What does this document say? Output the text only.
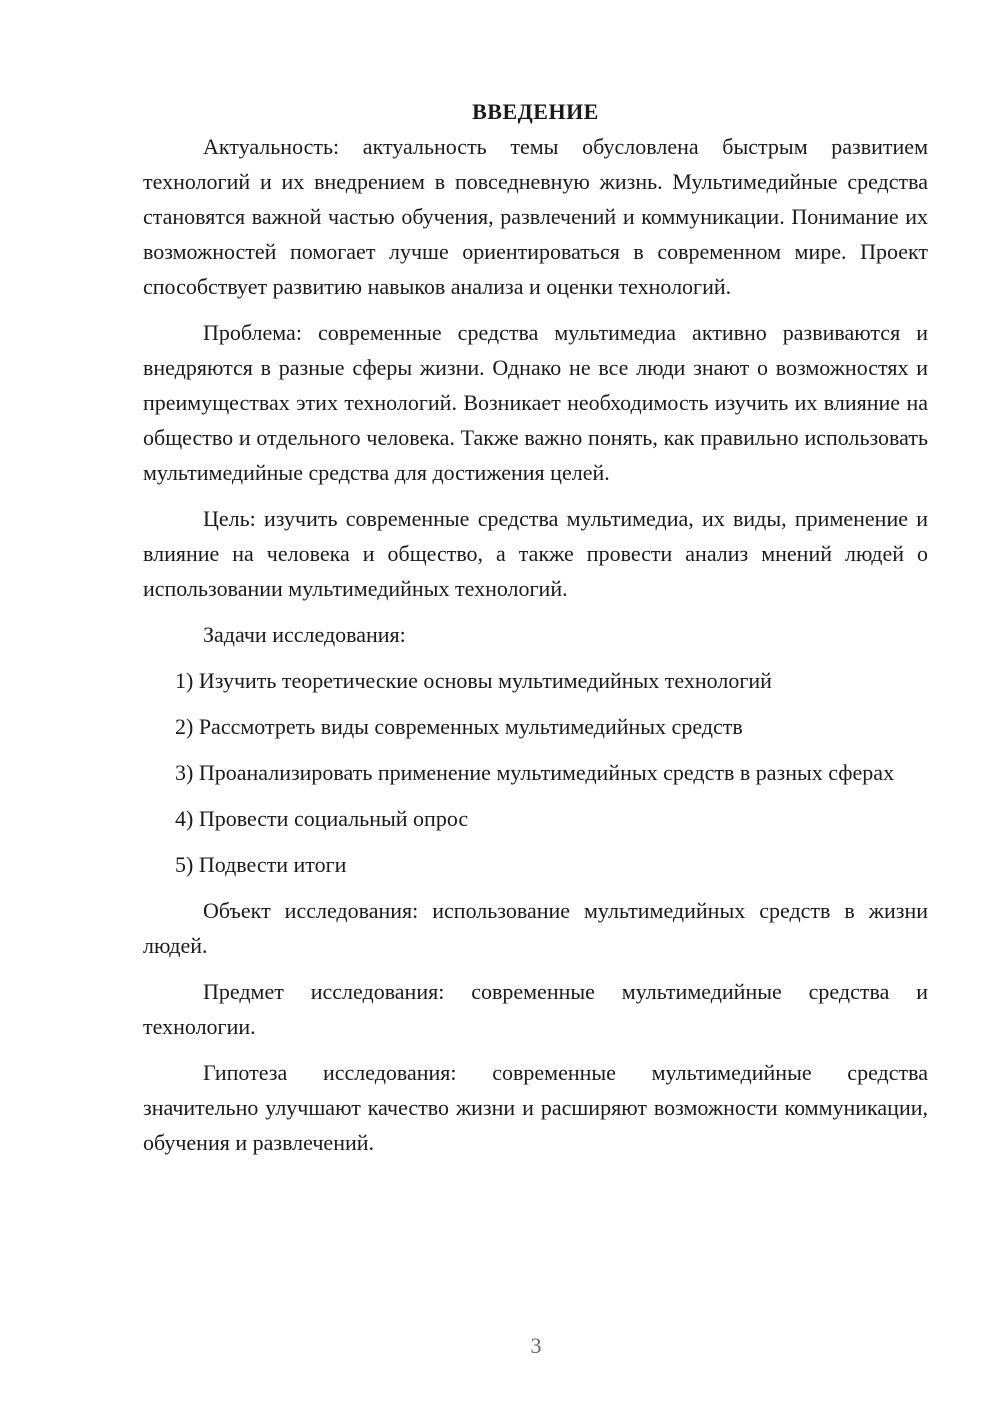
ВВЕДЕНИЕ

Актуальность: актуальность темы обусловлена быстрым развитием технологий и их внедрением в повседневную жизнь. Мультимедийные средства становятся важной частью обучения, развлечений и коммуникации. Понимание их возможностей помогает лучше ориентироваться в современном мире. Проект способствует развитию навыков анализа и оценки технологий.

Проблема: современные средства мультимедиа активно развиваются и внедряются в разные сферы жизни. Однако не все люди знают о возможностях и преимуществах этих технологий. Возникает необходимость изучить их влияние на общество и отдельного человека. Также важно понять, как правильно использовать мультимедийные средства для достижения целей.

Цель: изучить современные средства мультимедиа, их виды, применение и влияние на человека и общество, а также провести анализ мнений людей о использовании мультимедийных технологий.

Задачи исследования:

1) Изучить теоретические основы мультимедийных технологий

2) Рассмотреть виды современных мультимедийных средств

3) Проанализировать применение мультимедийных средств в разных сферах

4) Провести социальный опрос

5) Подвести итоги

Объект исследования: использование мультимедийных средств в жизни людей.

Предмет исследования: современные мультимедийные средства и технологии.

Гипотеза исследования: современные мультимедийные средства значительно улучшают качество жизни и расширяют возможности коммуникации, обучения и развлечений.

3
